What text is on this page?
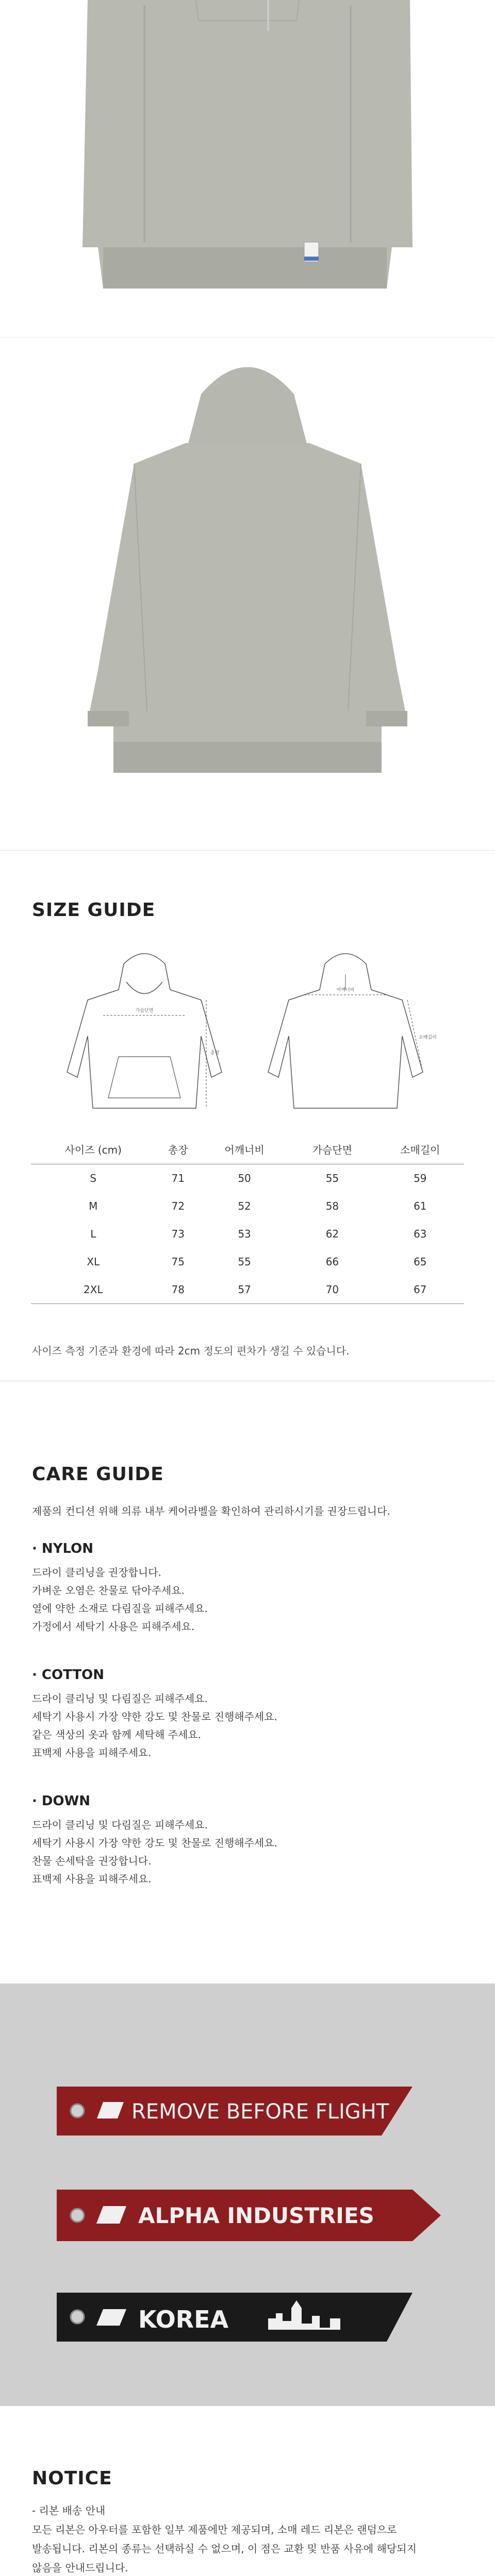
SIZE GUIDE
가슴단면
총장
어깨너비
소매길이
사이즈 (cm)	총장	어깨너비	가슴단면	소매길이
S	71	50	55	59
M	72	52	58	61
L	73	53	62	63
XL	75	55	66	65
2XL	78	57	70	67
사이즈 측정 기준과 환경에 따라 2cm 정도의 편차가 생길 수 있습니다.
CARE GUIDE
제품의 컨디션 위해 의류 내부 케어라벨을 확인하여 관리하시기를 권장드립니다.
· NYLON
드라이 클리닝을 권장합니다.
가벼운 오염은 찬물로 닦아주세요.
열에 약한 소재로 다림질을 피해주세요.
가정에서 세탁기 사용은 피해주세요.
· COTTON
드라이 클리닝 및 다림질은 피해주세요.
세탁기 사용시 가장 약한 강도 및 찬물로 진행해주세요.
같은 색상의 옷과 함께 세탁해 주세요.
표백제 사용을 피해주세요.
· DOWN
드라이 클리닝 및 다림질은 피해주세요.
세탁기 사용시 가장 약한 강도 및 찬물로 진행해주세요.
찬물 손세탁을 권장합니다.
표백제 사용을 피해주세요.
REMOVE BEFORE FLIGHT
ALPHA INDUSTRIES
KOREA
NOTICE
- 리본 배송 안내
모든 리본은 아우터를 포함한 일부 제품에만 제공되며, 소매 레드 리본은 랜덤으로
발송됩니다. 리본의 종류는 선택하실 수 없으며, 이 점은 교환 및 반품 사유에 해당되지
않음을 안내드립니다.
